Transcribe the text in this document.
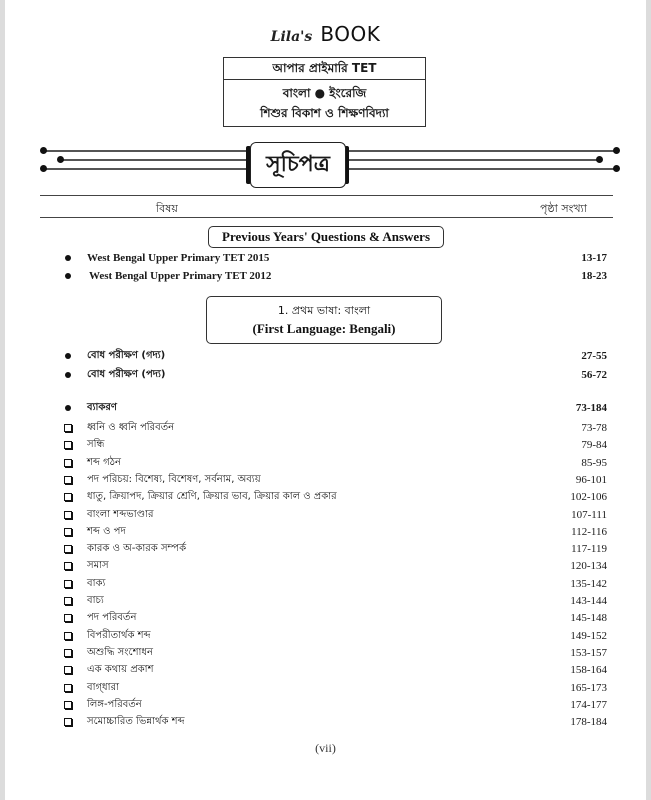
Lila's BOOK
আপার প্রাইমারি TET
বাংলা ● ইংরেজি
শিশুর বিকাশ ও শিক্ষণবিদ্যা
সূচিপত্র
বিষয়	পৃষ্ঠা সংখ্যা
Previous Years' Questions & Answers
West Bengal Upper Primary TET 2015	13-17
West Bengal Upper Primary TET 2012	18-23
1. প্রথম ভাষা: বাংলা
(First Language: Bengali)
বোধ পরীক্ষণ (গদ্য)	27-55
বোধ পরীক্ষণ (পদ্য)	56-72
ব্যাকরণ	73-184
ধ্বনি ও ধ্বনি পরিবর্তন	73-78
সন্ধি	79-84
শব্দ গঠন	85-95
পদ পরিচয়: বিশেষ্য, বিশেষণ, সর্বনাম, অব্যয়	96-101
ধাতু, ক্রিয়াপদ, ক্রিয়ার শ্রেণি, ক্রিয়ার ভাব, ক্রিয়ার কাল ও প্রকার	102-106
বাংলা শব্দভাণ্ডার	107-111
শব্দ ও পদ	112-116
কারক ও অ-কারক সম্পর্ক	117-119
সমাস	120-134
বাক্য	135-142
বাচ্য	143-144
পদ পরিবর্তন	145-148
বিপরীতার্থক শব্দ	149-152
অশুদ্ধি সংশোধন	153-157
এক কথায় প্রকাশ	158-164
বাগ্‌ধারা	165-173
লিঙ্গ-পরিবর্তন	174-177
সমোচ্চারিত ভিন্নার্থক শব্দ	178-184
(vii)
